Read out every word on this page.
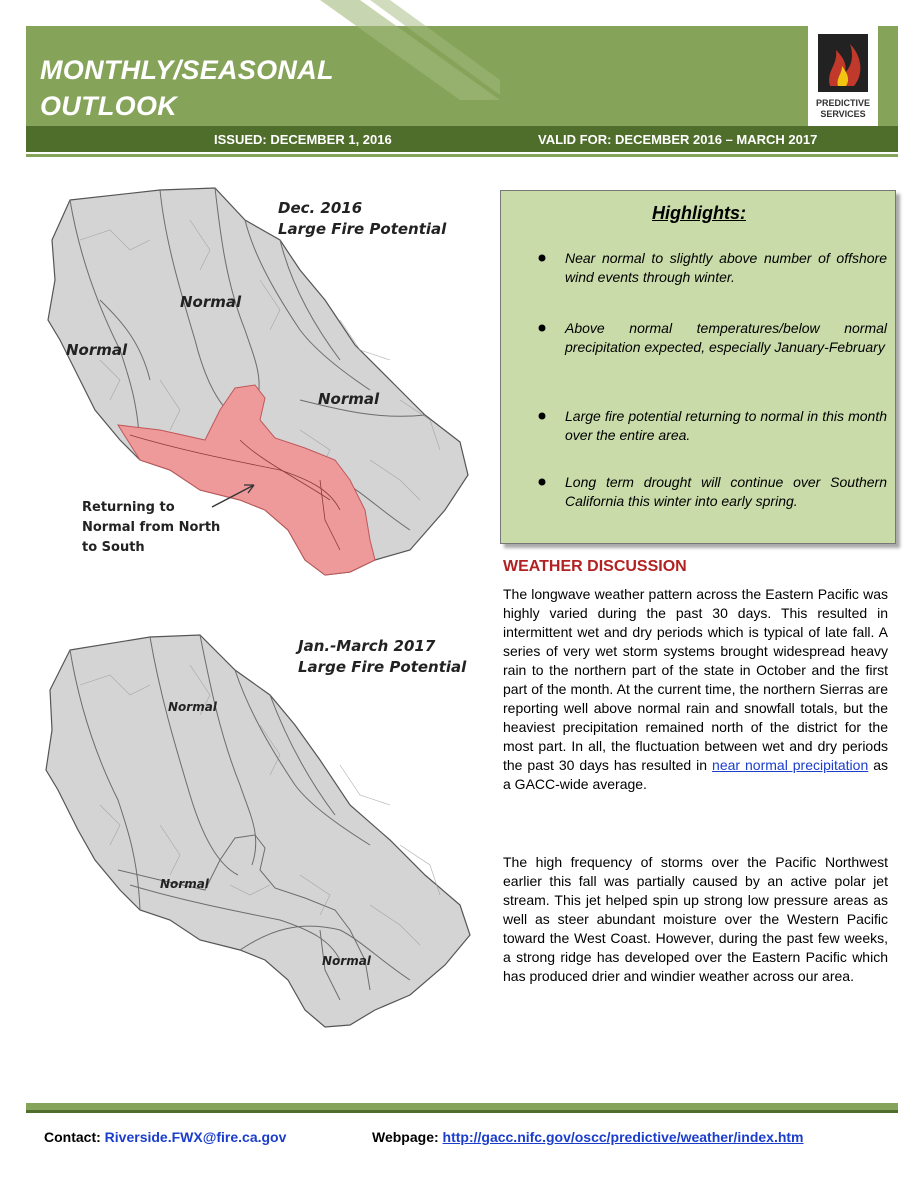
MONTHLY/SEASONAL
OUTLOOK	PREDICTIVE
SERVICES
ISSUED: DECEMBER 1, 2016	VALID FOR: DECEMBER 2016 – MARCH 2017
Dec. 2016
Large Fire Potential
Normal
Normal
Normal
Returning to
Normal from North
to South
Jan.-March 2017
Large Fire Potential
Normal
Normal
Normal
Highlights:
Near normal to slightly above number of offshore wind events through winter.
Above normal temperatures/below normal precipitation expected, especially January-February
Large fire potential returning to normal in this month over the entire area.
Long term drought will continue over Southern California this winter into early spring.
WEATHER DISCUSSION
The longwave weather pattern across the Eastern Pacific was highly varied during the past 30 days. This resulted in intermittent wet and dry periods which is typical of late fall. A series of very wet storm systems brought widespread heavy rain to the northern part of the state in October and the first part of the month. At the current time, the northern Sierras are reporting well above normal rain and snowfall totals, but the heaviest precipitation remained north of the district for the most part. In all, the fluctuation between wet and dry periods the past 30 days has resulted in near normal precipitation as a GACC-wide average.
The high frequency of storms over the Pacific Northwest earlier this fall was partially caused by an active polar jet stream. This jet helped spin up strong low pressure areas as well as steer abundant moisture over the Western Pacific toward the West Coast. However, during the past few weeks, a strong ridge has developed over the Eastern Pacific which has produced drier and windier weather across our area.
Contact: Riverside.FWX@fire.ca.gov	Webpage: http://gacc.nifc.gov/oscc/predictive/weather/index.htm
